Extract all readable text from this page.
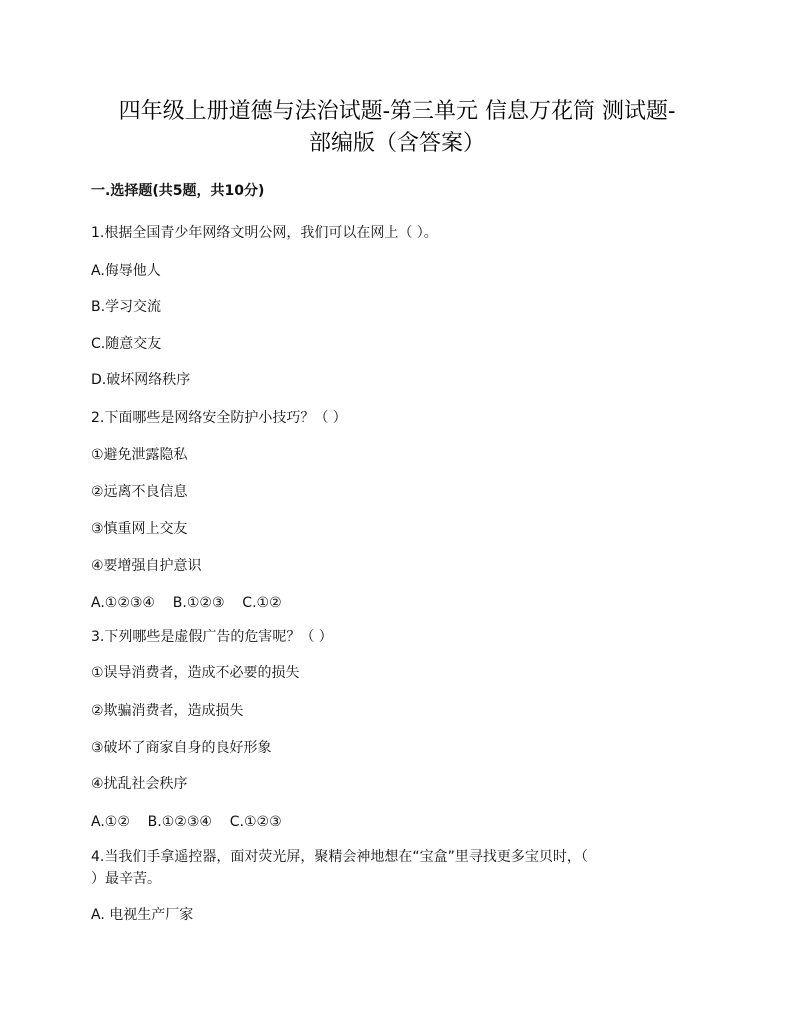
四年级上册道德与法治试题-第三单元 信息万花筒 测试题-
部编版（含答案）
一.选择题(共5题，共10分)
1.根据全国青少年网络文明公网，我们可以在网上（ ）。
A.侮辱他人
B.学习交流
C.随意交友
D.破坏网络秩序
2.下面哪些是网络安全防护小技巧？（ ）
①避免泄露隐私
②远离不良信息
③慎重网上交友
④要增强自护意识
A.①②③④    B.①②③    C.①②
3.下列哪些是虚假广告的危害呢？（ ）
①误导消费者，造成不必要的损失
②欺骗消费者，造成损失
③破坏了商家自身的良好形象
④扰乱社会秩序
A.①②    B.①②③④    C.①②③
4.当我们手拿遥控器，面对荧光屏，聚精会神地想在“宝盒”里寻找更多宝贝时，（
）最辛苦。
A. 电视生产厂家
